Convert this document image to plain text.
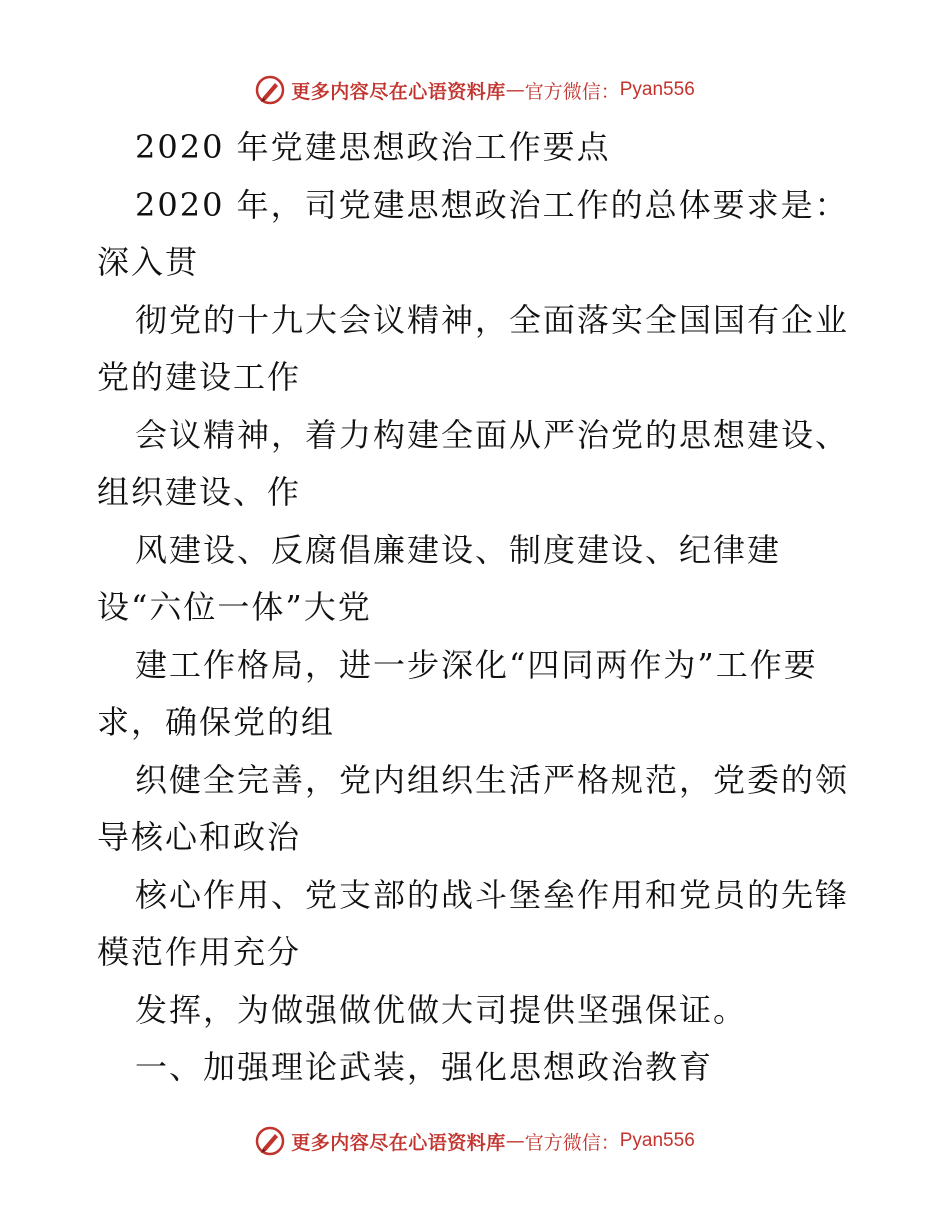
更多内容尽在心语资料库 — 官方微信： Pyan556
2020 年党建思想政治工作要点
2020 年，司党建思想政治工作的总体要求是：
深入贯
彻党的十九大会议精神，全面落实全国国有企业
党的建设工作
会议精神，着力构建全面从严治党的思想建设、
组织建设、作
风建设、反腐倡廉建设、制度建设、纪律建
设“六位一体”大党
建工作格局，进一步深化“四同两作为”工作要
求，确保党的组
织健全完善，党内组织生活严格规范，党委的领
导核心和政治
核心作用、党支部的战斗堡垒作用和党员的先锋
模范作用充分
发挥，为做强做优做大司提供坚强保证。
一、加强理论武装，强化思想政治教育
更多内容尽在心语资料库 — 官方微信： Pyan556
